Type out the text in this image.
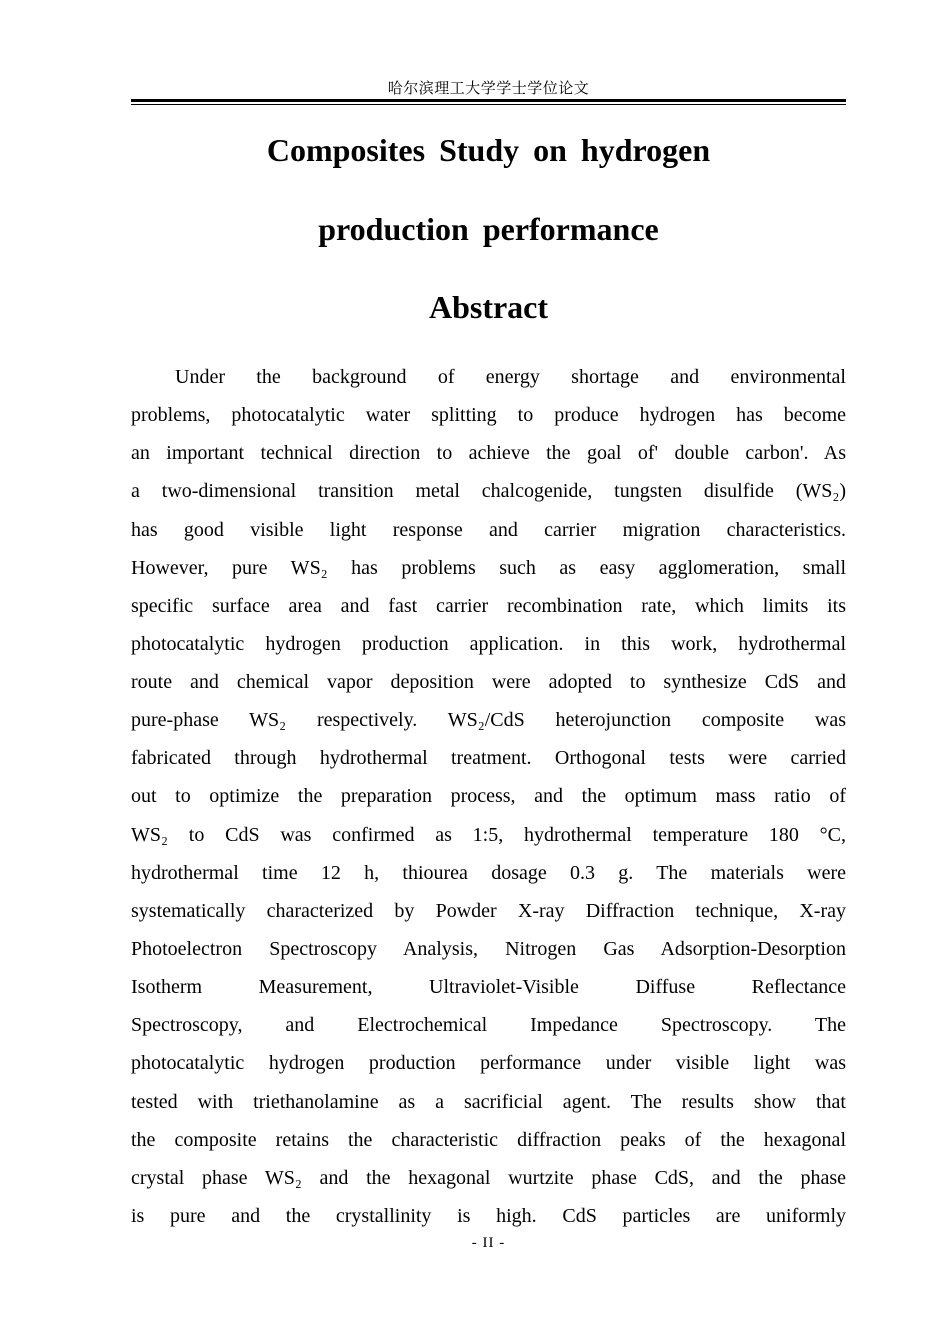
哈尔滨理工大学学士学位论文
Composites Study on hydrogen
production performance
Abstract
Under the background of energy shortage and environmental
problems, photocatalytic water splitting to produce hydrogen has become
an important technical direction to achieve the goal of' double carbon'. As
a two-dimensional transition metal chalcogenide, tungsten disulfide (WS₂)
has good visible light response and carrier migration characteristics.
However, pure WS₂ has problems such as easy agglomeration, small
specific surface area and fast carrier recombination rate, which limits its
photocatalytic hydrogen production application. in this work, hydrothermal
route and chemical vapor deposition were adopted to synthesize CdS and
pure-phase WS₂ respectively. WS₂/CdS heterojunction composite was
fabricated through hydrothermal treatment. Orthogonal tests were carried
out to optimize the preparation process, and the optimum mass ratio of
WS₂ to CdS was confirmed as 1:5, hydrothermal temperature 180 °C,
hydrothermal time 12 h, thiourea dosage 0.3 g. The materials were
systematically characterized by Powder X-ray Diffraction technique, X-ray
Photoelectron Spectroscopy Analysis, Nitrogen Gas Adsorption-Desorption
Isotherm Measurement, Ultraviolet-Visible Diffuse Reflectance
Spectroscopy, and Electrochemical Impedance Spectroscopy. The
photocatalytic hydrogen production performance under visible light was
tested with triethanolamine as a sacrificial agent. The results show that
the composite retains the characteristic diffraction peaks of the hexagonal
crystal phase WS₂ and the hexagonal wurtzite phase CdS, and the phase
is pure and the crystallinity is high. CdS particles are uniformly
- II -
